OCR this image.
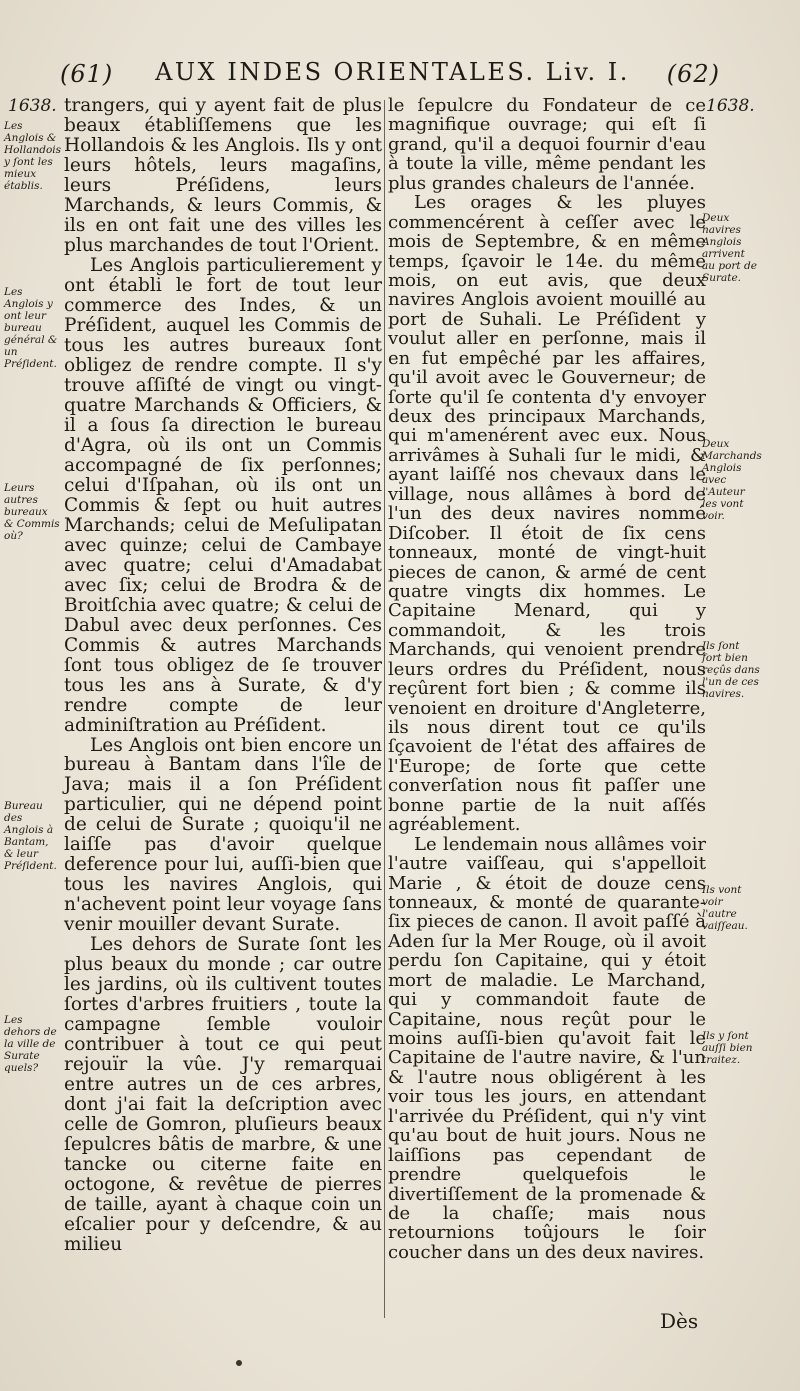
(61)	AUX INDES ORIENTALES. Liv. I.	(62)
1638.	1638.

trangers, qui y ayent fait de plus beaux établiſſemens que les Hollandois & les Anglois. Ils y ont leurs hôtels, leurs magaſins, leurs Préſidens, leurs Marchands, & leurs Commis, & ils en ont fait une des villes les plus marchandes de tout l'Orient.

Les Anglois particulierement y ont établi le fort de tout leur commerce des Indes, & un Préſident, auquel les Commis de tous les autres bureaux ſont obligez de rendre compte. Il s'y trouve aſſiſté de vingt ou vingt-quatre Marchands & Officiers, & il a ſous ſa direction le bureau d'Agra, où ils ont un Commis accompagné de ſix perſonnes; celui d'Iſpahan, où ils ont un Commis & ſept ou huit autres Marchands; celui de Meſulipatan avec quinze; celui de Cambaye avec quatre; celui d'Amadabat avec ſix; celui de Brodra & de Broitſchia avec quatre; & celui de Dabul avec deux perſonnes. Ces Commis & autres Marchands ſont tous obligez de ſe trouver tous les ans à Surate, & d'y rendre compte de leur adminiſtration au Préſident.

Les Anglois ont bien encore un bureau à Bantam dans l'île de Java; mais il a ſon Préſident particulier, qui ne dépend point de celui de Surate ; quoiqu'il ne laiſſe pas d'avoir quelque deference pour lui, auſſi-bien que tous les navires Anglois, qui n'achevent point leur voyage ſans venir mouiller devant Surate.

Les dehors de Surate ſont les plus beaux du monde ; car outre les jardins, où ils cultivent toutes ſortes d'arbres fruitiers , toute la campagne ſemble vouloir contribuer à tout ce qui peut rejouïr la vûe. J'y remarquai entre autres un de ces arbres, dont j'ai fait la deſcription avec celle de Gomron, pluſieurs beaux ſepulcres bâtis de marbre, & une tancke ou citerne faite en octogone, & revêtue de pierres de taille, ayant à chaque coin un eſcalier pour y deſcendre, & au milieu

le ſepulcre du Fondateur de ce magnifique ouvrage; qui eſt ſi grand, qu'il a dequoi fournir d'eau à toute la ville, même pendant les plus grandes chaleurs de l'année.

Les orages & les pluyes commencérent à ceſſer avec le mois de Septembre, & en même temps, ſçavoir le 14e. du même mois, on eut avis, que deux navires Anglois avoient mouillé au port de Suhali. Le Préſident y voulut aller en perſonne, mais il en fut empêché par les affaires, qu'il avoit avec le Gouverneur; de ſorte qu'il ſe contenta d'y envoyer deux des principaux Marchands, qui m'amenérent avec eux. Nous arrivâmes à Suhali ſur le midi, & ayant laiſſé nos chevaux dans le village, nous allâmes à bord de l'un des deux navires nommé Diſcober. Il étoit de ſix cens tonneaux, monté de vingt-huit pieces de canon, & armé de cent quatre vingts dix hommes. Le Capitaine Menard, qui y commandoit, & les trois Marchands, qui venoient prendre leurs ordres du Préſident, nous reçûrent fort bien ; & comme ils venoient en droiture d'Angleterre, ils nous dirent tout ce qu'ils ſçavoient de l'état des affaires de l'Europe; de ſorte que cette converſation nous fit paſſer une bonne partie de la nuit aſſés agréablement.

Le lendemain nous allâmes voir l'autre vaiſſeau, qui s'appelloit Marie , & étoit de douze cens tonneaux, & monté de quarante-ſix pieces de canon. Il avoit paſſé à Aden ſur la Mer Rouge, où il avoit perdu ſon Capitaine, qui y étoit mort de maladie. Le Marchand, qui y commandoit faute de Capitaine, nous reçût pour le moins auſſi-bien qu'avoit fait le Capitaine de l'autre navire, & l'un & l'autre nous obligérent à les voir tous les jours, en attendant l'arrivée du Préſident, qui n'y vint qu'au bout de huit jours. Nous ne laiſſions pas cependant de prendre quelquefois le divertiſſement de la promenade & de la chaſſe; mais nous retournions toûjours le ſoir coucher dans un des deux navires.

Les Anglois & Hollandois y ſont les mieux établis.
Les Anglois y ont leur bureau général & un Préſident.
Leurs autres bureaux & Commis où?
Bureau des Anglois à Bantam, & leur Préſident.
Les dehors de la ville de Surate quels?
Deux navires Anglois arrivent au port de Surate.
Deux Marchands Anglois avec l'Auteur les vont voir.
Ils ſont fort bien reçûs dans l'un de ces navires.
Ils vont voir l'autre vaiſſeau.
Ils y ſont auſſi bien traitez.
Dès
